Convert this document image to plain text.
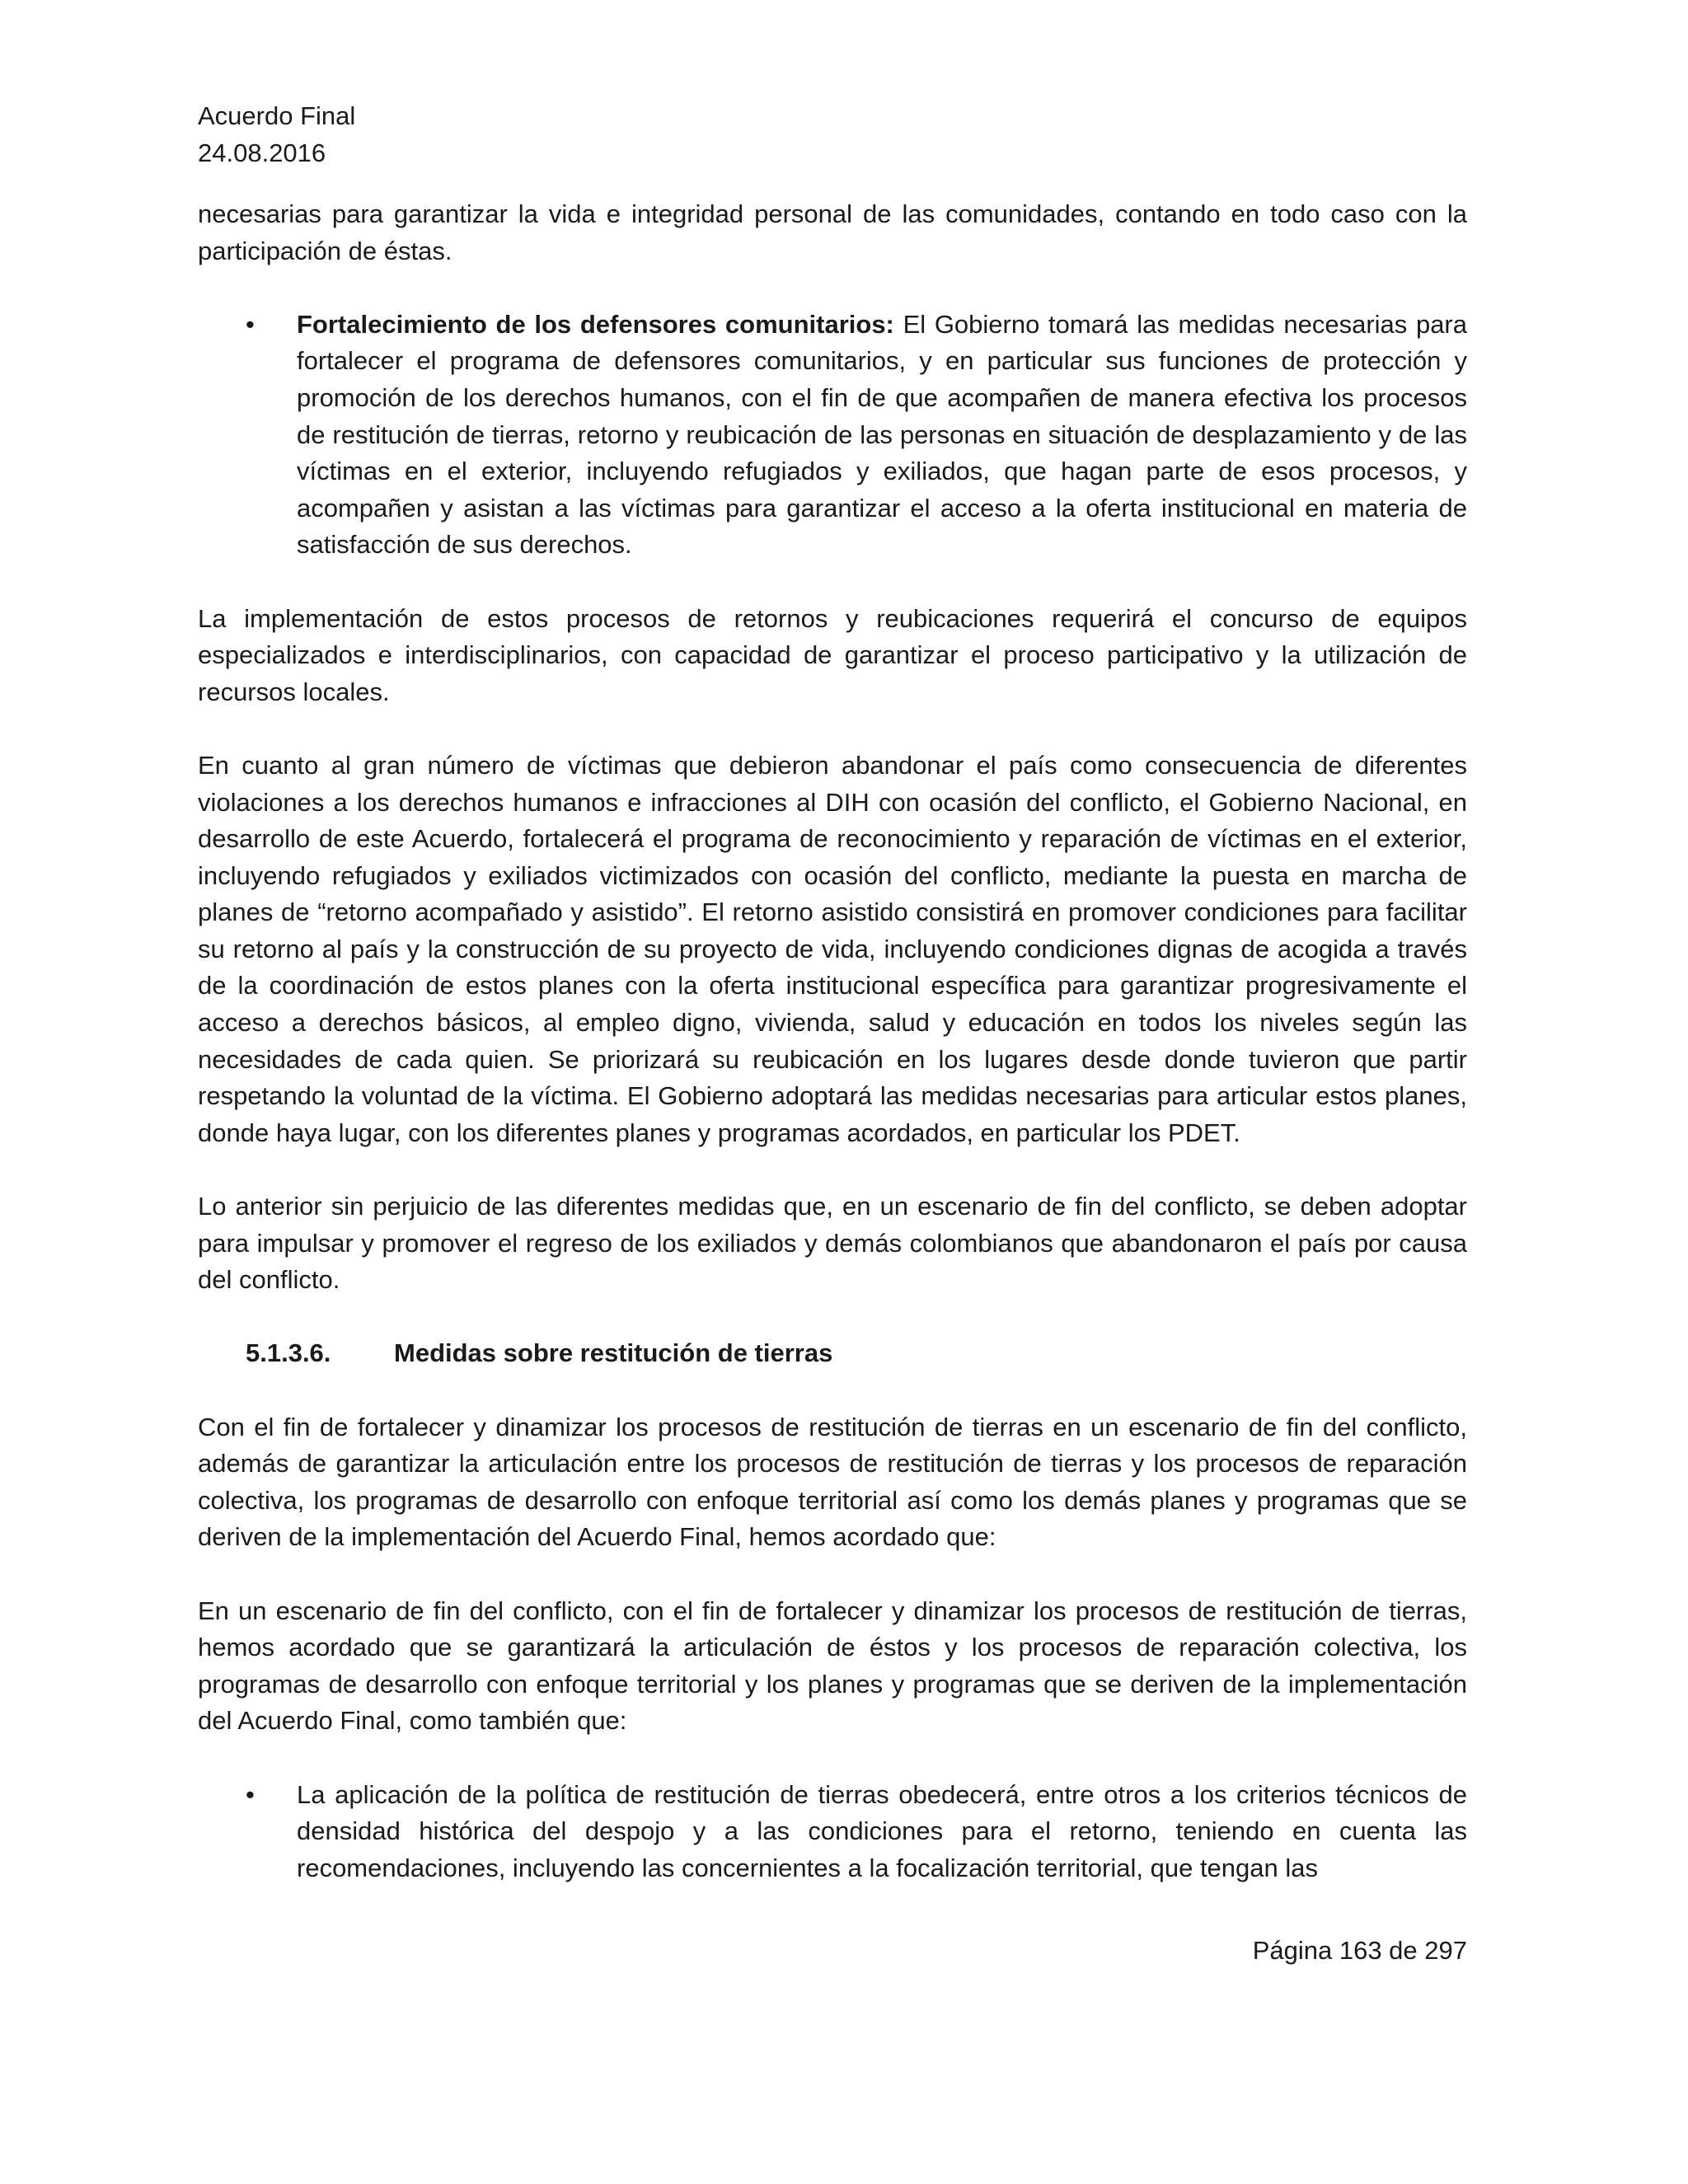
Acuerdo Final
24.08.2016

necesarias para garantizar la vida e integridad personal de las comunidades, contando en todo caso con la participación de éstas.

• Fortalecimiento de los defensores comunitarios: El Gobierno tomará las medidas necesarias para fortalecer el programa de defensores comunitarios, y en particular sus funciones de protección y promoción de los derechos humanos, con el fin de que acompañen de manera efectiva los procesos de restitución de tierras, retorno y reubicación de las personas en situación de desplazamiento y de las víctimas en el exterior, incluyendo refugiados y exiliados, que hagan parte de esos procesos, y acompañen y asistan a las víctimas para garantizar el acceso a la oferta institucional en materia de satisfacción de sus derechos.

La implementación de estos procesos de retornos y reubicaciones requerirá el concurso de equipos especializados e interdisciplinarios, con capacidad de garantizar el proceso participativo y la utilización de recursos locales.

En cuanto al gran número de víctimas que debieron abandonar el país como consecuencia de diferentes violaciones a los derechos humanos e infracciones al DIH con ocasión del conflicto, el Gobierno Nacional, en desarrollo de este Acuerdo, fortalecerá el programa de reconocimiento y reparación de víctimas en el exterior, incluyendo refugiados y exiliados victimizados con ocasión del conflicto, mediante la puesta en marcha de planes de “retorno acompañado y asistido”. El retorno asistido consistirá en promover condiciones para facilitar su retorno al país y la construcción de su proyecto de vida, incluyendo condiciones dignas de acogida a través de la coordinación de estos planes con la oferta institucional específica para garantizar progresivamente el acceso a derechos básicos, al empleo digno, vivienda, salud y educación en todos los niveles según las necesidades de cada quien. Se priorizará su reubicación en los lugares desde donde tuvieron que partir respetando la voluntad de la víctima. El Gobierno adoptará las medidas necesarias para articular estos planes, donde haya lugar, con los diferentes planes y programas acordados, en particular los PDET.

Lo anterior sin perjuicio de las diferentes medidas que, en un escenario de fin del conflicto, se deben adoptar para impulsar y promover el regreso de los exiliados y demás colombianos que abandonaron el país por causa del conflicto.

5.1.3.6.	Medidas sobre restitución de tierras

Con el fin de fortalecer y dinamizar los procesos de restitución de tierras en un escenario de fin del conflicto, además de garantizar la articulación entre los procesos de restitución de tierras y los procesos de reparación colectiva, los programas de desarrollo con enfoque territorial así como los demás planes y programas que se deriven de la implementación del Acuerdo Final, hemos acordado que:

En un escenario de fin del conflicto, con el fin de fortalecer y dinamizar los procesos de restitución de tierras, hemos acordado que se garantizará la articulación de éstos y los procesos de reparación colectiva, los programas de desarrollo con enfoque territorial y los planes y programas que se deriven de la implementación del Acuerdo Final, como también que:

• La aplicación de la política de restitución de tierras obedecerá, entre otros a los criterios técnicos de densidad histórica del despojo y a las condiciones para el retorno, teniendo en cuenta las recomendaciones, incluyendo las concernientes a la focalización territorial, que tengan las
Página 163 de 297
